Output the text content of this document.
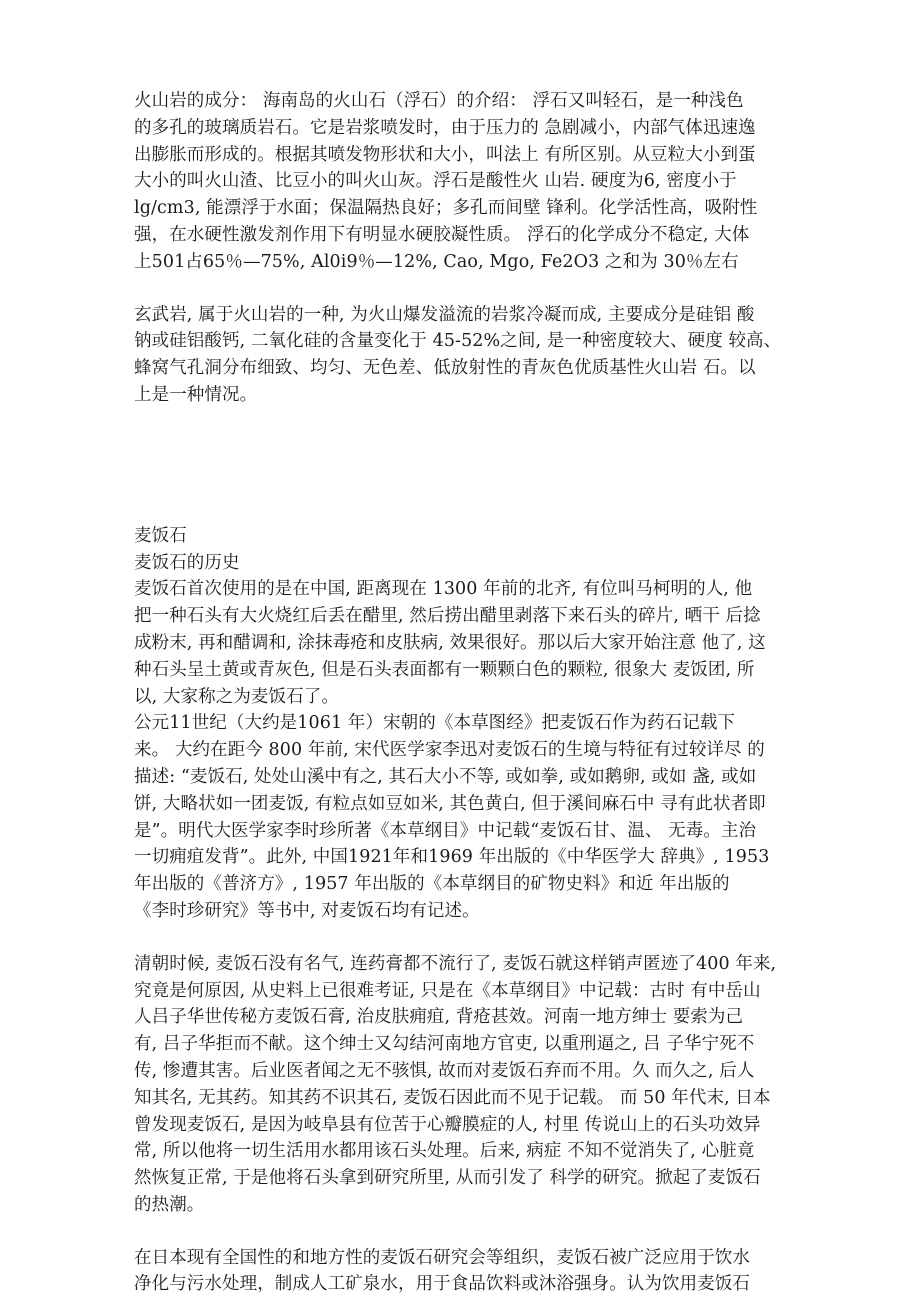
火山岩的成分： 海南岛的火山石（浮石）的介绍： 浮石又叫轻石，是一种浅色
的多孔的玻璃质岩石。它是岩浆喷发时，由于压力的 急剧减小，内部气体迅速逸
出膨胀而形成的。根据其喷发物形状和大小，叫法上 有所区别。从豆粒大小到蛋
大小的叫火山渣、比豆小的叫火山灰。浮石是酸性火 山岩. 硬度为6, 密度小于
lg/cm3, 能漂浮于水面；保温隔热良好；多孔而间壁 锋利。化学活性高，吸附性
强，在水硬性激发剂作用下有明显水硬胶凝性质。 浮石的化学成分不稳定, 大体
上501占65％—75%, Al0i9％—12%, Cao, Mgo, Fe2O3 之和为 30％左右
玄武岩, 属于火山岩的一种, 为火山爆发溢流的岩浆冷凝而成, 主要成分是硅铝 酸
钠或硅铝酸钙, 二氧化硅的含量变化于 45-52%之间, 是一种密度较大、硬度 较高、
蜂窝气孔洞分布细致、均匀、无色差、低放射性的青灰色优质基性火山岩 石。以
上是一种情况。
麦饭石
麦饭石的历史
麦饭石首次使用的是在中国, 距离现在 1300 年前的北齐, 有位叫马柯明的人, 他
把一种石头有大火烧红后丢在醋里, 然后捞出醋里剥落下来石头的碎片, 晒干 后捻
成粉末, 再和醋调和, 涂抹毒疮和皮肤病, 效果很好。那以后大家开始注意 他了, 这
种石头呈土黄或青灰色, 但是石头表面都有一颗颗白色的颗粒, 很象大 麦饭团, 所
以, 大家称之为麦饭石了。
公元11世纪（大约是1061 年）宋朝的《本草图经》把麦饭石作为药石记载下
来。 大约在距今 800 年前, 宋代医学家李迅对麦饭石的生境与特征有过较详尽 的
描述: “麦饭石, 处处山溪中有之, 其石大小不等, 或如拳, 或如鹅卵, 或如 盏, 或如
饼, 大略状如一团麦饭, 有粒点如豆如米, 其色黄白, 但于溪间麻石中 寻有此状者即
是”。明代大医学家李时珍所著《本草纲目》中记载“麦饭石甘、温、 无毒。主治
一切痈疽发背”。此外, 中国1921年和1969 年出版的《中华医学大 辞典》, 1953
年出版的《普济方》, 1957 年出版的《本草纲目的矿物史料》和近 年出版的
《李时珍研究》等书中, 对麦饭石均有记述。
清朝时候, 麦饭石没有名气, 连药膏都不流行了, 麦饭石就这样销声匿迹了400 年来,
究竟是何原因, 从史料上已很难考证, 只是在《本草纲目》中记载：古时 有中岳山
人吕子华世传秘方麦饭石膏, 治皮肤痈疽, 背疮甚效。河南一地方绅士 要索为己
有, 吕子华拒而不献。这个绅士又勾结河南地方官吏, 以重刑逼之, 吕 子华宁死不
传, 惨遭其害。后业医者闻之无不骇惧, 故而对麦饭石弃而不用。久 而久之, 后人
知其名, 无其药。知其药不识其石, 麦饭石因此而不见于记载。 而 50 年代末, 日本
曾发现麦饭石, 是因为岐阜县有位苦于心瓣膜症的人, 村里 传说山上的石头功效异
常, 所以他将一切生活用水都用该石头处理。后来, 病症 不知不觉消失了, 心脏竟
然恢复正常, 于是他将石头拿到研究所里, 从而引发了 科学的研究。掀起了麦饭石
的热潮。
在日本现有全国性的和地方性的麦饭石研究会等组织，麦饭石被广泛应用于饮水
净化与污水处理，制成人工矿泉水，用于食品饮料或沐浴强身。认为饮用麦饭石
